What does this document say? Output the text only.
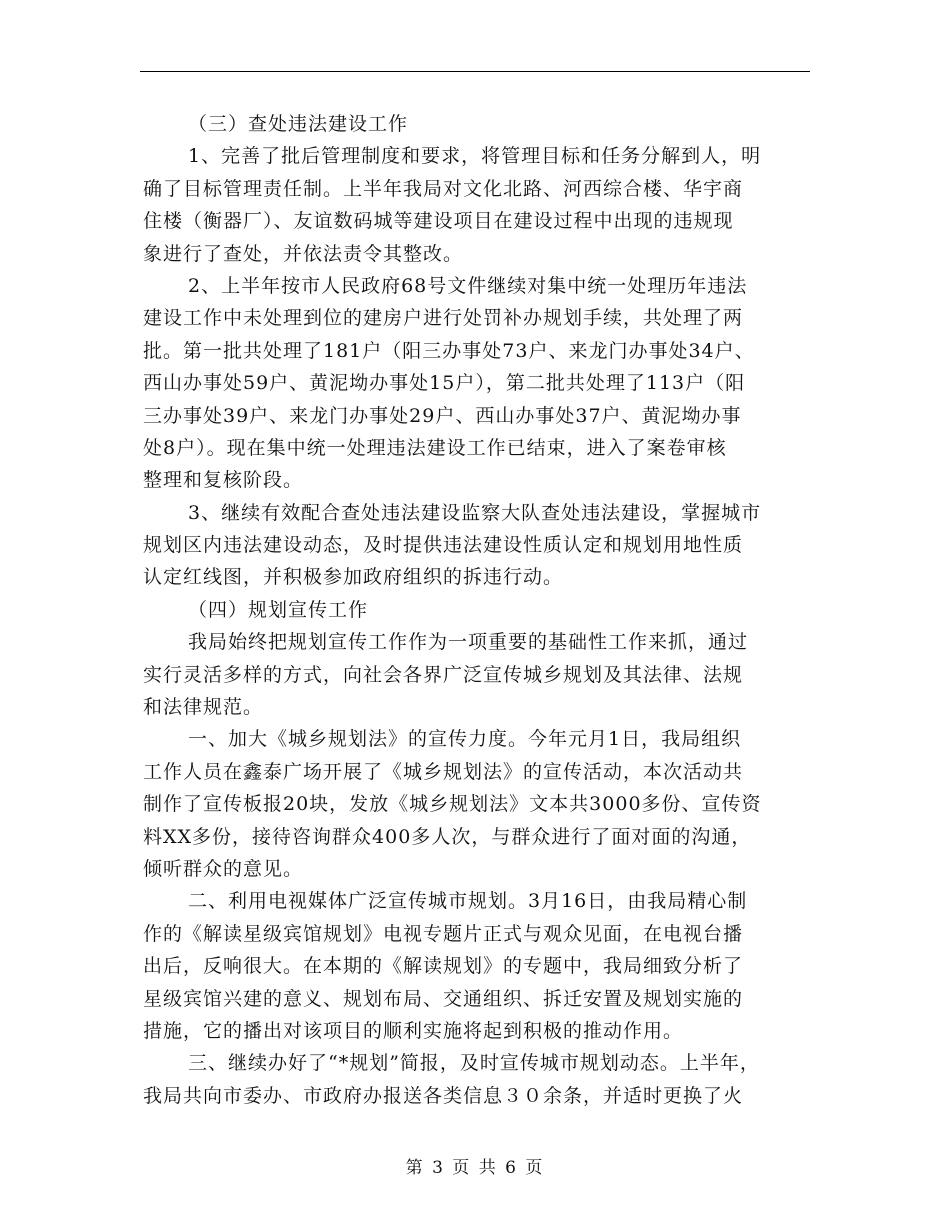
（三）查处违法建设工作
1、完善了批后管理制度和要求，将管理目标和任务分解到人，明
确了目标管理责任制。上半年我局对文化北路、河西综合楼、华宇商
住楼（衡器厂）、友谊数码城等建设项目在建设过程中出现的违规现
象进行了查处，并依法责令其整改。
2、上半年按市人民政府68号文件继续对集中统一处理历年违法
建设工作中未处理到位的建房户进行处罚补办规划手续，共处理了两
批。第一批共处理了181户（阳三办事处73户、来龙门办事处34户、
西山办事处59户、黄泥坳办事处15户），第二批共处理了113户（阳
三办事处39户、来龙门办事处29户、西山办事处37户、黄泥坳办事
处8户）。现在集中统一处理违法建设工作已结束，进入了案卷审核
整理和复核阶段。
3、继续有效配合查处违法建设监察大队查处违法建设，掌握城市
规划区内违法建设动态，及时提供违法建设性质认定和规划用地性质
认定红线图，并积极参加政府组织的拆违行动。
（四）规划宣传工作
我局始终把规划宣传工作作为一项重要的基础性工作来抓，通过
实行灵活多样的方式，向社会各界广泛宣传城乡规划及其法律、法规
和法律规范。
一、加大《城乡规划法》的宣传力度。今年元月1日，我局组织
工作人员在鑫泰广场开展了《城乡规划法》的宣传活动，本次活动共
制作了宣传板报20块，发放《城乡规划法》文本共3000多份、宣传资
料XX多份，接待咨询群众400多人次，与群众进行了面对面的沟通，
倾听群众的意见。
二、利用电视媒体广泛宣传城市规划。3月16日，由我局精心制
作的《解读星级宾馆规划》电视专题片正式与观众见面，在电视台播
出后，反响很大。在本期的《解读规划》的专题中，我局细致分析了
星级宾馆兴建的意义、规划布局、交通组织、拆迁安置及规划实施的
措施，它的播出对该项目的顺利实施将起到积极的推动作用。
三、继续办好了“*规划”简报，及时宣传城市规划动态。上半年，
我局共向市委办、市政府办报送各类信息３０余条，并适时更换了火
第 3 页 共 6 页
